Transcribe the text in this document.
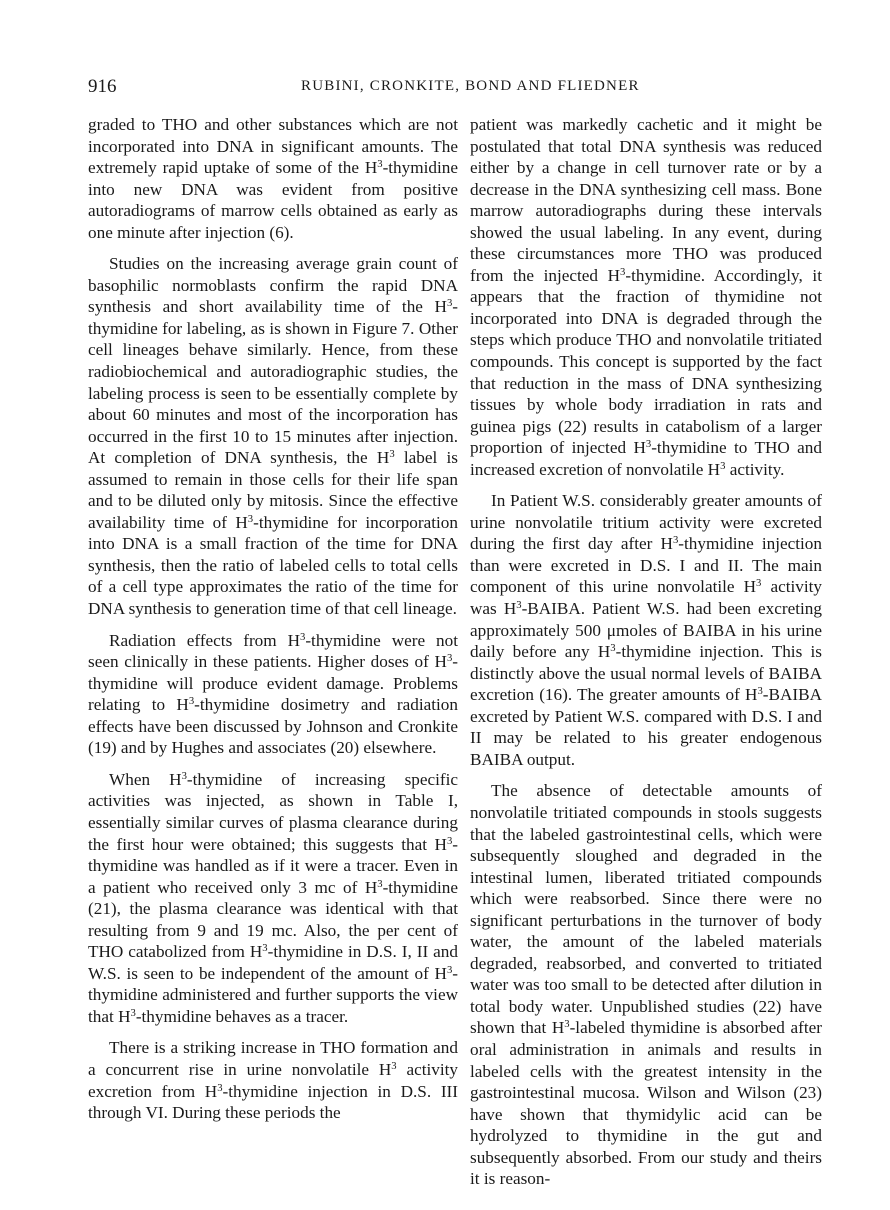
916	RUBINI, CRONKITE, BOND AND FLIEDNER

graded to THO and other substances which are not incorporated into DNA in significant amounts. The extremely rapid uptake of some of the $H^3$-thymidine into new DNA was evident from positive autoradiograms of marrow cells obtained as early as one minute after injection (6).

Studies on the increasing average grain count of basophilic normoblasts confirm the rapid DNA synthesis and short availability time of the $H^3$-thymidine for labeling, as is shown in Figure 7. Other cell lineages behave similarly. Hence, from these radiobiochemical and autoradiographic studies, the labeling process is seen to be essentially complete by about 60 minutes and most of the incorporation has occurred in the first 10 to 15 minutes after injection. At completion of DNA synthesis, the $H^3$ label is assumed to remain in those cells for their life span and to be diluted only by mitosis. Since the effective availability time of $H^3$-thymidine for incorporation into DNA is a small fraction of the time for DNA synthesis, then the ratio of labeled cells to total cells of a cell type approximates the ratio of the time for DNA synthesis to generation time of that cell lineage.

Radiation effects from $H^3$-thymidine were not seen clinically in these patients. Higher doses of $H^3$-thymidine will produce evident damage. Problems relating to $H^3$-thymidine dosimetry and radiation effects have been discussed by Johnson and Cronkite (19) and by Hughes and associates (20) elsewhere.

When $H^3$-thymidine of increasing specific activities was injected, as shown in Table I, essentially similar curves of plasma clearance during the first hour were obtained; this suggests that $H^3$-thymidine was handled as if it were a tracer. Even in a patient who received only 3 mc of $H^3$-thymidine (21), the plasma clearance was identical with that resulting from 9 and 19 mc. Also, the per cent of THO catabolized from $H^3$-thymidine in D.S. I, II and W.S. is seen to be independent of the amount of $H^3$-thymidine administered and further supports the view that $H^3$-thymidine behaves as a tracer.

There is a striking increase in THO formation and a concurrent rise in urine nonvolatile $H^3$ activity excretion from $H^3$-thymidine injection in D.S. III through VI. During these periods the

patient was markedly cachetic and it might be postulated that total DNA synthesis was reduced either by a change in cell turnover rate or by a decrease in the DNA synthesizing cell mass. Bone marrow autoradiographs during these intervals showed the usual labeling. In any event, during these circumstances more THO was produced from the injected $H^3$-thymidine. Accordingly, it appears that the fraction of thymidine not incorporated into DNA is degraded through the steps which produce THO and nonvolatile tritiated compounds. This concept is supported by the fact that reduction in the mass of DNA synthesizing tissues by whole body irradiation in rats and guinea pigs (22) results in catabolism of a larger proportion of injected $H^3$-thymidine to THO and increased excretion of nonvolatile $H^3$ activity.

In Patient W.S. considerably greater amounts of urine nonvolatile tritium activity were excreted during the first day after $H^3$-thymidine injection than were excreted in D.S. I and II. The main component of this urine nonvolatile $H^3$ activity was $H^3$-BAIBA. Patient W.S. had been excreting approximately 500 μmoles of BAIBA in his urine daily before any $H^3$-thymidine injection. This is distinctly above the usual normal levels of BAIBA excretion (16). The greater amounts of $H^3$-BAIBA excreted by Patient W.S. compared with D.S. I and II may be related to his greater endogenous BAIBA output.

The absence of detectable amounts of nonvolatile tritiated compounds in stools suggests that the labeled gastrointestinal cells, which were subsequently sloughed and degraded in the intestinal lumen, liberated tritiated compounds which were reabsorbed. Since there were no significant perturbations in the turnover of body water, the amount of the labeled materials degraded, reabsorbed, and converted to tritiated water was too small to be detected after dilution in total body water. Unpublished studies (22) have shown that $H^3$-labeled thymidine is absorbed after oral administration in animals and results in labeled cells with the greatest intensity in the gastrointestinal mucosa. Wilson and Wilson (23) have shown that thymidylic acid can be hydrolyzed to thymidine in the gut and subsequently absorbed. From our study and theirs it is reason-
